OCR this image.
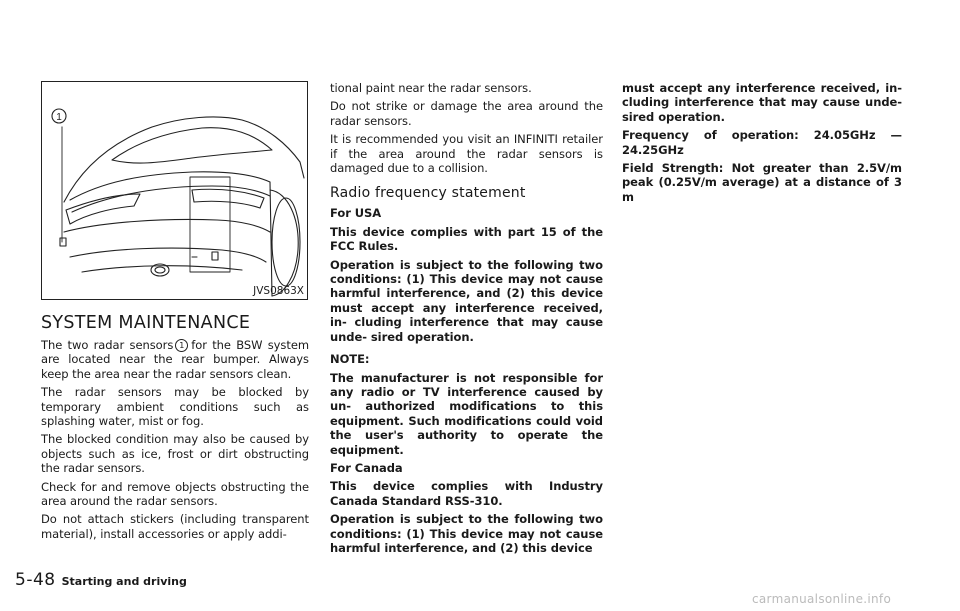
1
JVS0863X
SYSTEM MAINTENANCE

The two radar sensors 1 for the BSW system are located near the rear bumper. Always keep the area near the radar sensors clean.

The radar sensors may be blocked by temporary ambient conditions such as splashing water, mist or fog.

The blocked condition may also be caused by objects such as ice, frost or dirt obstructing the radar sensors.

Check for and remove objects obstructing the area around the radar sensors.

Do not attach stickers (including transparent material), install accessories or apply addi-

tional paint near the radar sensors.

Do not strike or damage the area around the radar sensors.

It is recommended you visit an INFINITI retailer if the area around the radar sensors is damaged due to a collision.

Radio frequency statement

For USA

This device complies with part 15 of the FCC Rules.

Operation is subject to the following two conditions: (1) This device may not cause harmful interference, and (2) this device must accept any interference received, in- cluding interference that may cause unde- sired operation.

NOTE:

The manufacturer is not responsible for any radio or TV interference caused by un- authorized modifications to this equipment. Such modifications could void the user's authority to operate the equipment.

For Canada

This device complies with Industry Canada Standard RSS-310.

Operation is subject to the following two conditions: (1) This device may not cause harmful interference, and (2) this device

must accept any interference received, in- cluding interference that may cause unde- sired operation.

Frequency of operation: 24.05GHz — 24.25GHz

Field Strength: Not greater than 2.5V/m peak (0.25V/m average) at a distance of 3 m

5-48 Starting and driving
carmanualsonline.info
